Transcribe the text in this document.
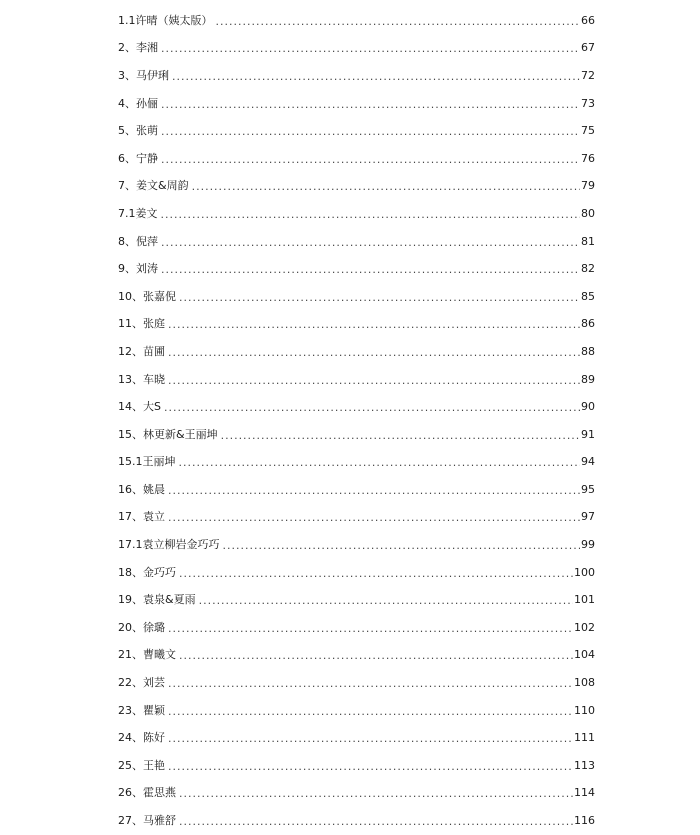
1.1许晴（姨太版） .....	66
2、李湘 .....	67
3、马伊琍 .....	72
4、孙俪 .....	73
5、张萌 .....	75
6、宁静 .....	76
7、姜文&周韵 .....	79
7.1姜文 .....	80
8、倪萍 .....	81
9、刘涛 .....	82
10、张嘉倪 .....	85
11、张庭 .....	86
12、苗圃 .....	88
13、车晓 .....	89
14、大S .....	90
15、林更新&王丽坤 .....	91
15.1王丽坤 .....	94
16、姚晨 .....	95
17、袁立 .....	97
17.1袁立柳岩金巧巧 .....	99
18、金巧巧 .....	100
19、袁泉&夏雨 .....	101
20、徐璐 .....	102
21、曹曦文 .....	104
22、刘芸 .....	108
23、瞿颖 .....	110
24、陈好 .....	111
25、王艳 .....	113
26、霍思燕 .....	114
27、马雅舒 .....	116
